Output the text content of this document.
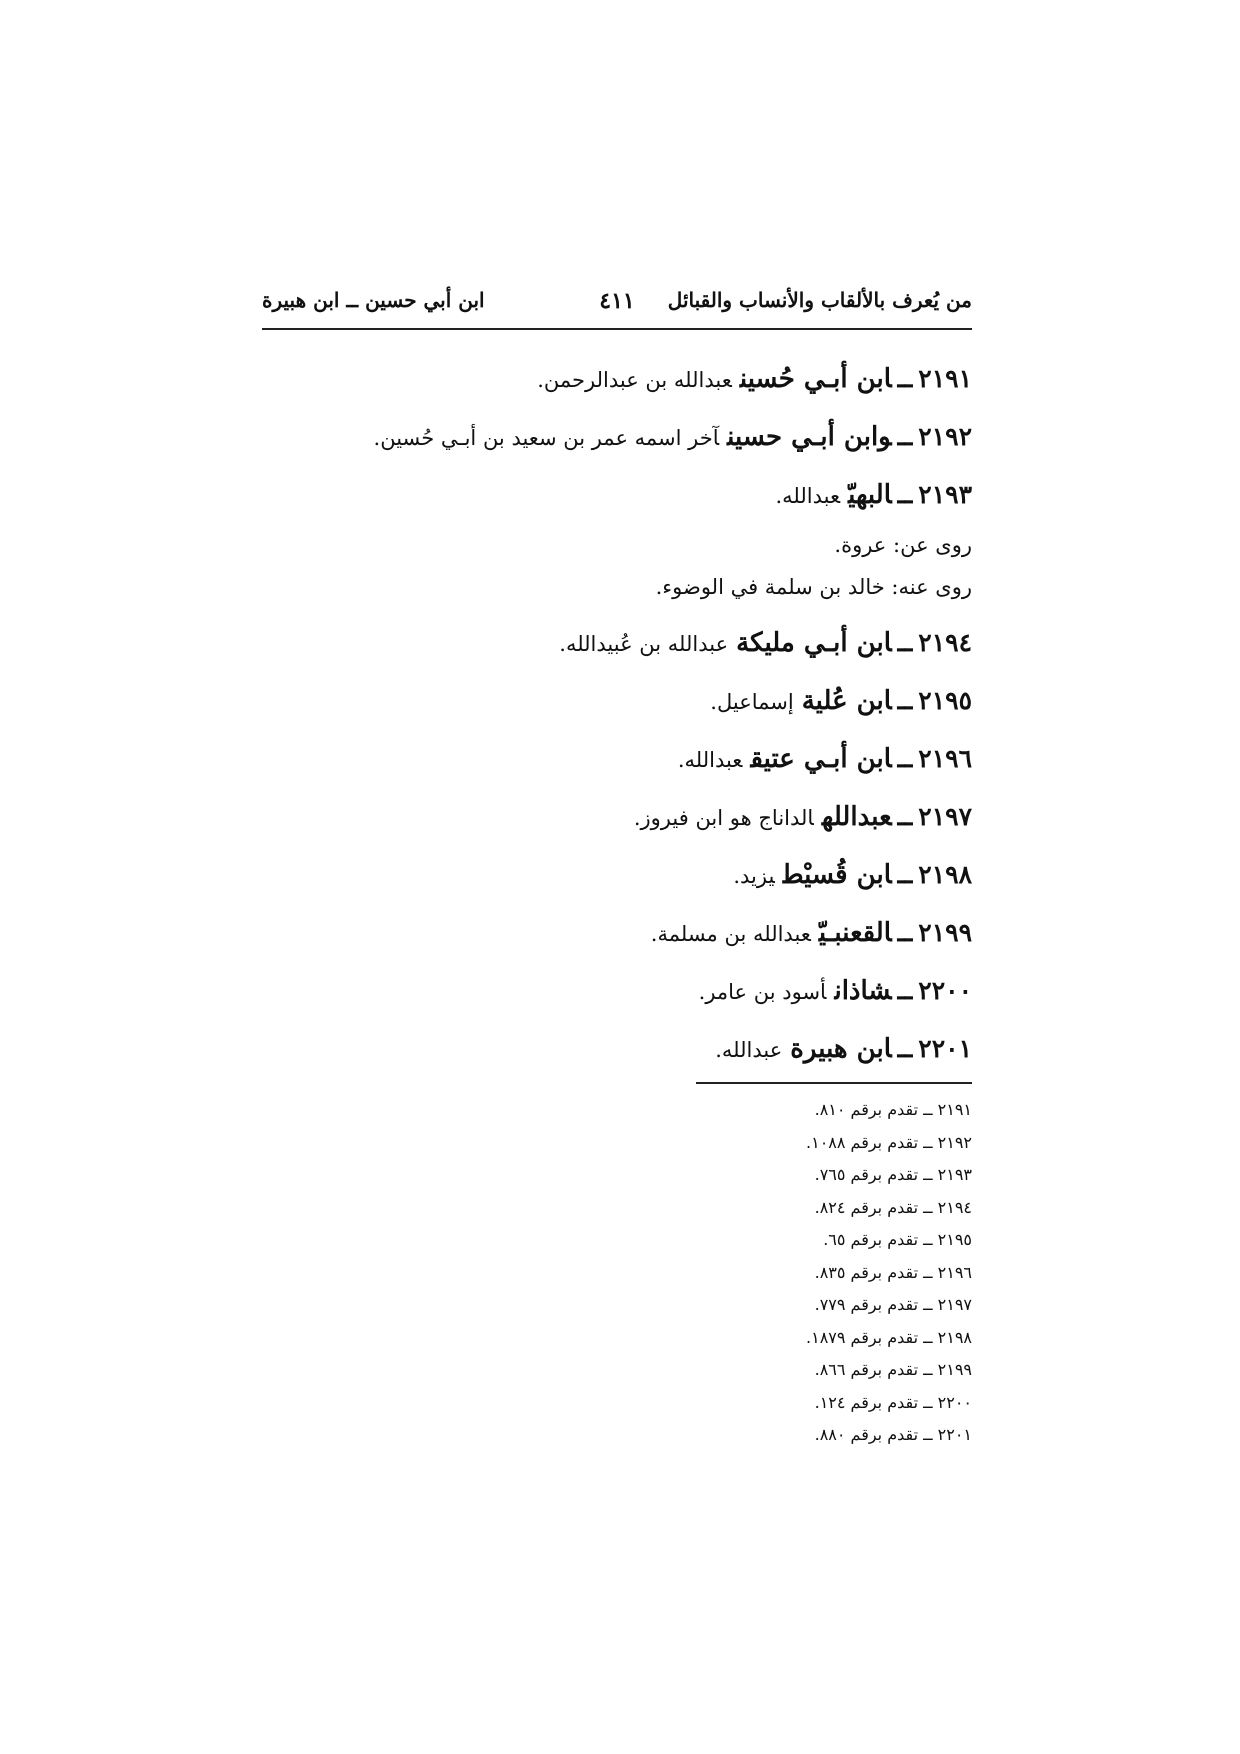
من يُعرف بالألقاب والأنساب والقبائل
٤١١
ابن أبي حسين ــ ابن هبيرة
٢١٩١ــابن أبـي حُسينعبدالله بن عبدالرحمن.
٢١٩٢ــوابن أبـي حسينآخر اسمه عمر بن سعيد بن أبـي حُسين.
٢١٩٣ــالبهيّعبدالله.
روى عن: عروة.
روى عنه: خالد بن سلمة في الوضوء.
٢١٩٤ــابن أبـي مليكةعبدالله بن عُبيدالله.
٢١٩٥ــابن عُليةإسماعيل.
٢١٩٦ــابن أبـي عتيقعبدالله.
٢١٩٧ــعبداللهالداناج هو ابن فيروز.
٢١٩٨ــابن قُسيْطيزيد.
٢١٩٩ــالقعنبـيّعبدالله بن مسلمة.
٢٢٠٠ــشاذانأسود بن عامر.
٢٢٠١ــابن هبيرةعبدالله.
٢١٩١ ــ تقدم برقم ٨١٠.
٢١٩٢ ــ تقدم برقم ١٠٨٨.
٢١٩٣ ــ تقدم برقم ٧٦٥.
٢١٩٤ ــ تقدم برقم ٨٢٤.
٢١٩٥ ــ تقدم برقم ٦٥.
٢١٩٦ ــ تقدم برقم ٨٣٥.
٢١٩٧ ــ تقدم برقم ٧٧٩.
٢١٩٨ ــ تقدم برقم ١٨٧٩.
٢١٩٩ ــ تقدم برقم ٨٦٦.
٢٢٠٠ ــ تقدم برقم ١٢٤.
٢٢٠١ ــ تقدم برقم ٨٨٠.
